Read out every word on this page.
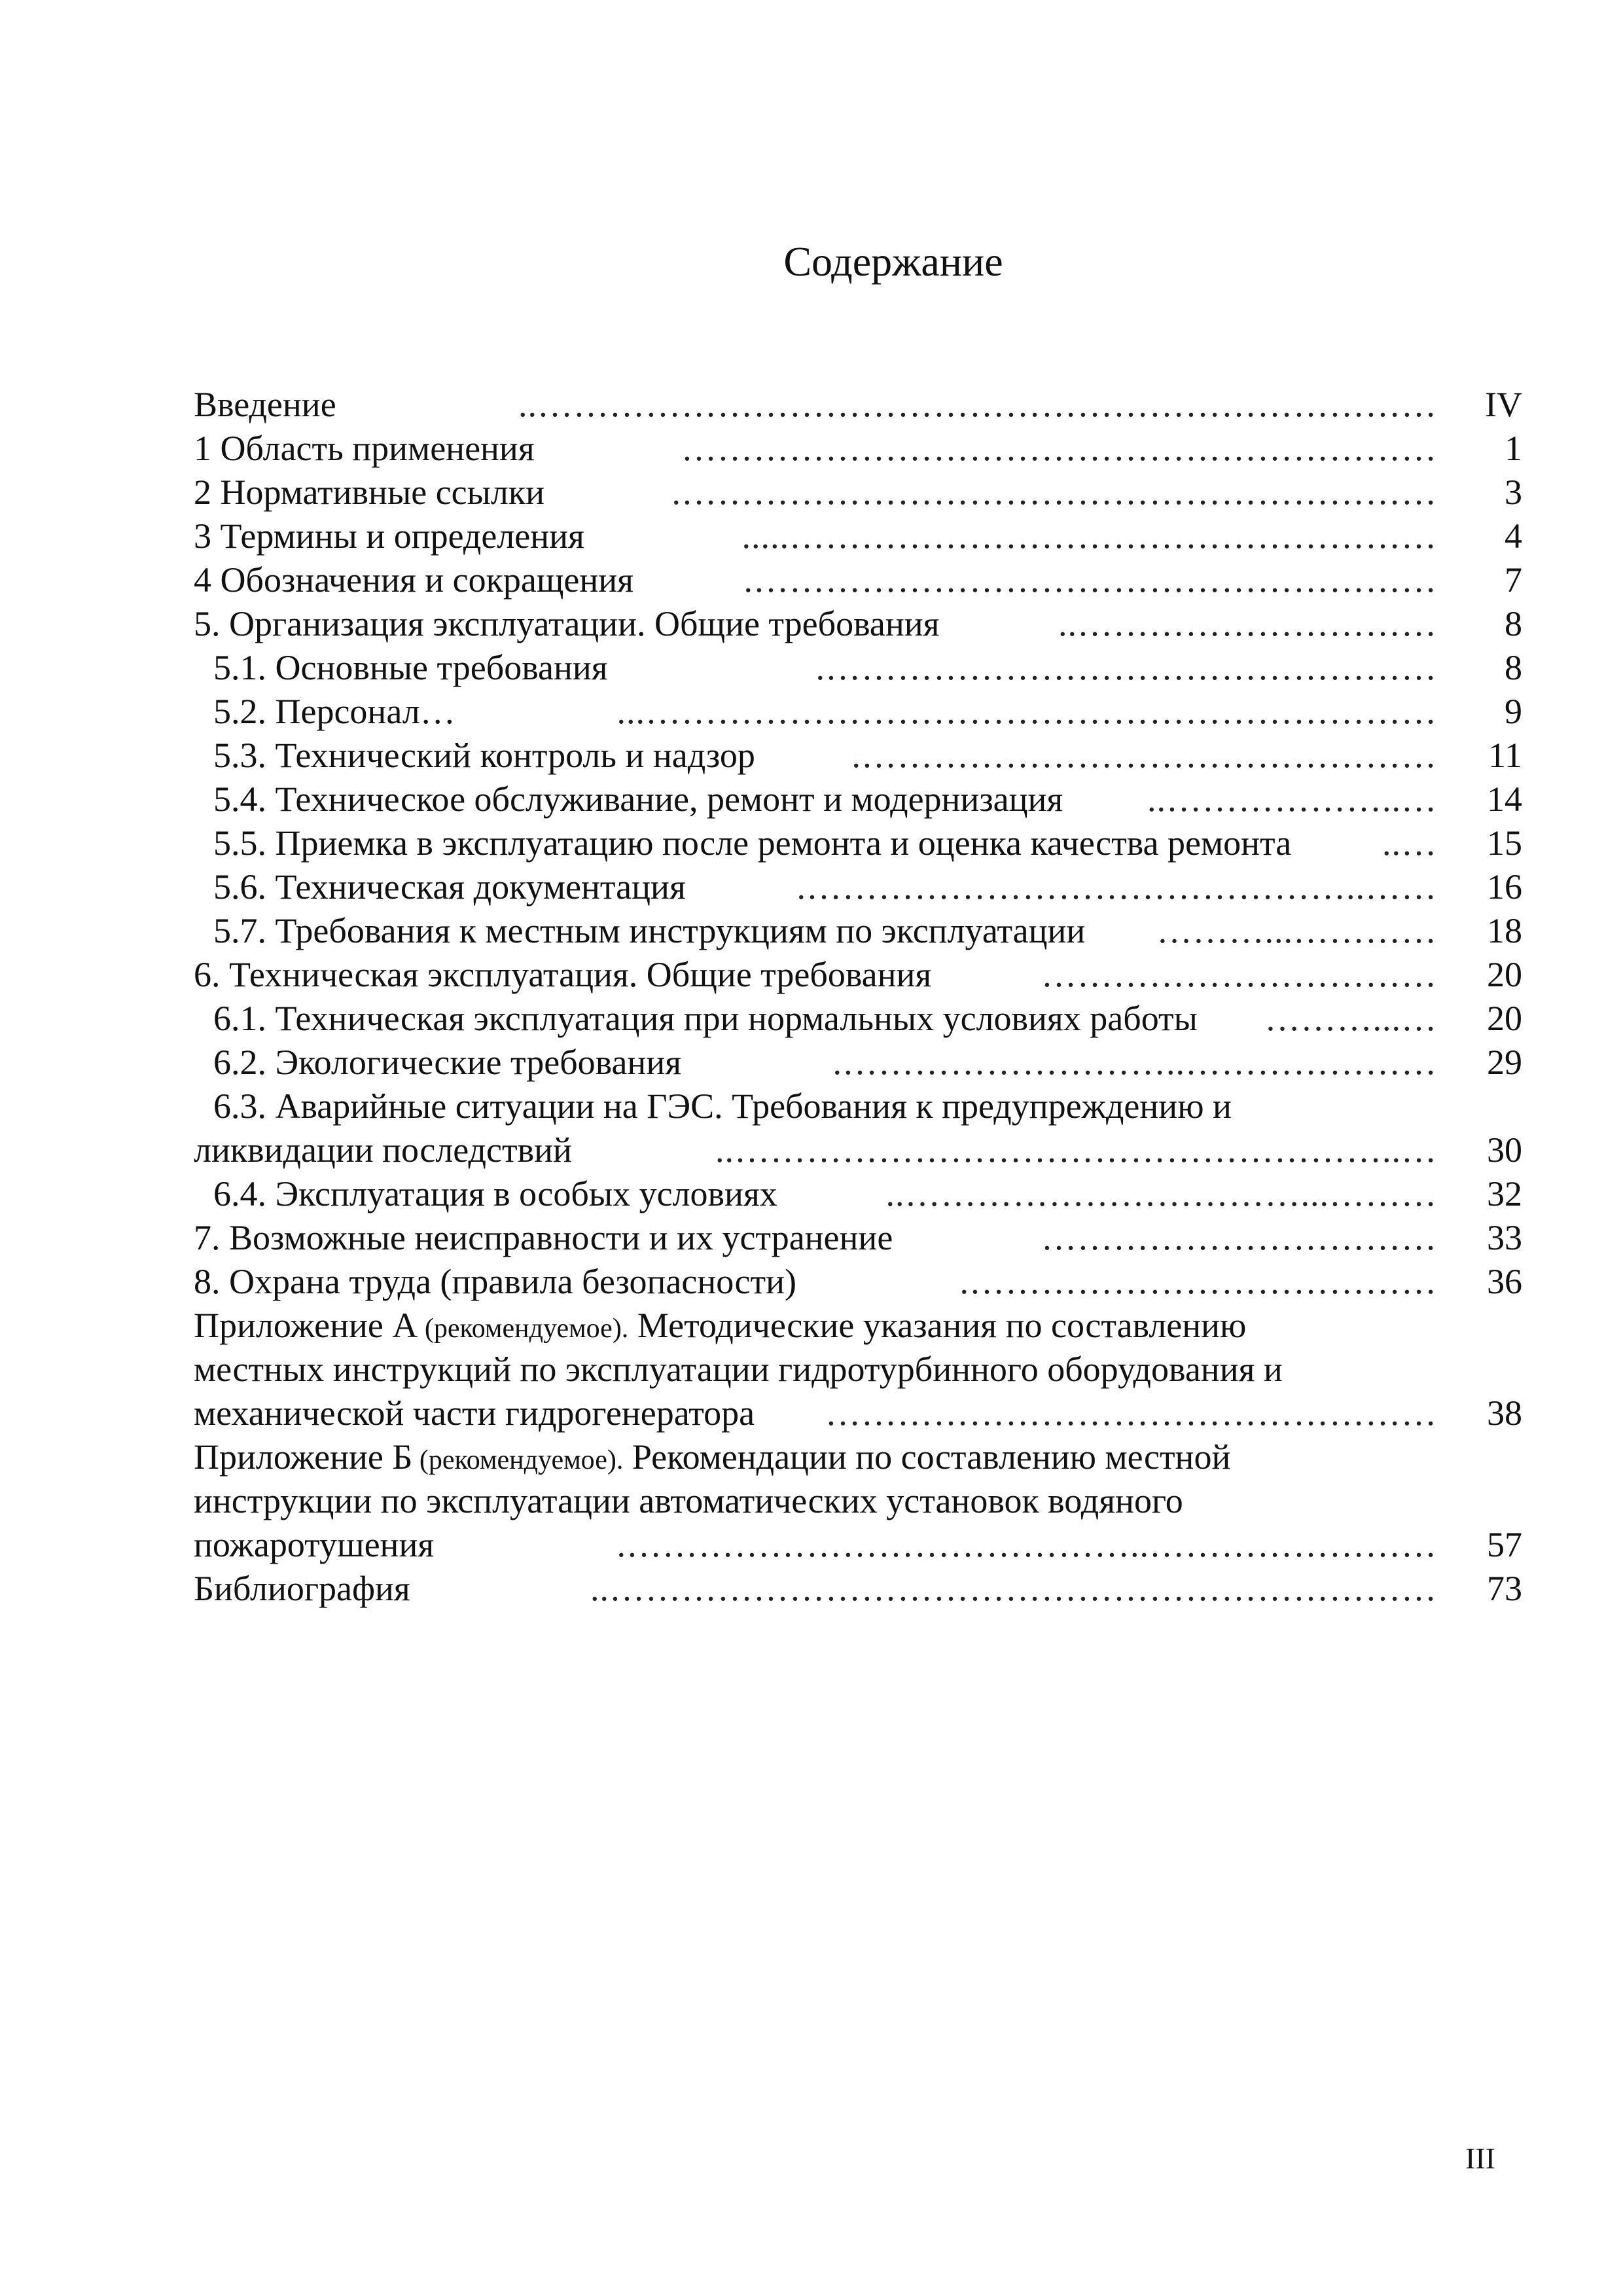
Содержание
Введение	………………………………………………………………….. IV
1 Область применения	……………………………………………………… 1
2 Нормативные ссылки	………………………………………………………. 3
3 Термины и определения	………………………………………………..... 4
4 Обозначения и сокращения	…………………………………………………. 7
5. Организация эксплуатации. Общие требования	………………………….. 8
5.1. Основные требования	……………………………………………. 8
5.2. Персонал…	…………………………………………………………... 9
5.3. Технический контроль и надзор	…………………………………………. 11
5.4. Техническое обслуживание, ремонт и модернизация …..……………….. 14
5.5. Приемка в эксплуатацию после ремонта и оценка качества ремонта	….. 15
5.6. Техническая документация	……..………………………………………. 16
5.7. Требования к местным инструкциям по эксплуатации …………...……… 18
6. Техническая эксплуатация. Общие требования	…………………………… 20
6.1. Техническая эксплуатация при нормальных условиях работы …...……… 20
6.2. Экологические требования	…………………..………………………. 29
6.3. Аварийные ситуации на ГЭС. Требования к предупреждению и
ликвидации последствий	…..……………………………………………….. 30
6.4. Эксплуатация в особых условиях	………...…………………………….. 32
7. Возможные неисправности и их устранение	…………………………… 33
8. Охрана труда (правила безопасности)	…………………………………. 36
Приложение А (рекомендуемое). Методические указания по составлению
местных инструкций по эксплуатации гидротурбинного оборудования и
механической части гидрогенератора …………………………………………… 38
Приложение Б (рекомендуемое). Рекомендации по составлению местной
инструкции по эксплуатации автоматических установок водяного
пожаротушения	……………………..……………………………………. 57
Библиография	…………………………………………………………….. 73
III
